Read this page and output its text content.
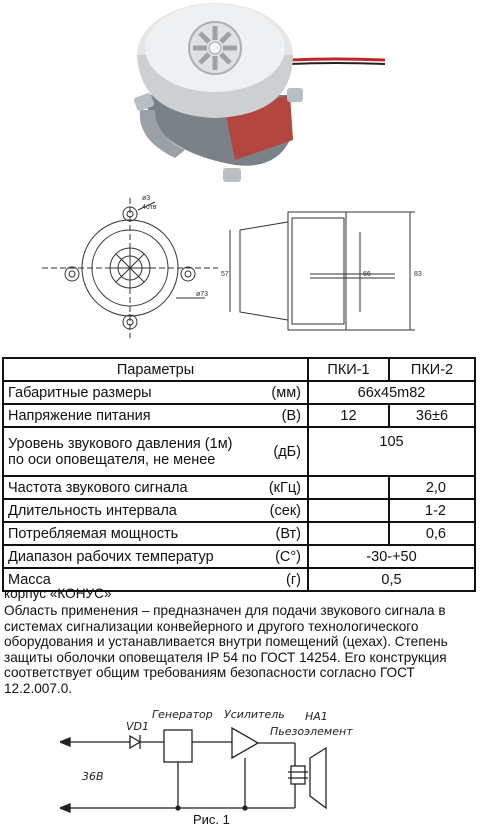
ø3
4отв
ø73
57	66	83
Параметры		ПКИ-1	ПКИ-2
Габаритные размеры	(мм)	66x45m82	
Напряжение питания	(В)	12	36±6
Уровень звукового давления (1м)
по оси оповещателя, не менее	(дБ)	105	
Частота звукового сигнала	(кГц)		2,0
Длительность интервала	(сек)		1-2
Потребляемая мощность	(Вт)		0,6
Диапазон рабочих температур	(С°)	-30-+50	
Масса	(г)	0,5	
корпус «КОНУС»
Область применения – предназначен для подачи звукового сигнала в системах сигнализации конвейерного и другого технологического оборудования и устанавливается внутри помещений (цехах). Степень защиты оболочки оповещателя IP 54 по ГОСТ 14254. Его конструкция соответствует общим требованиям безопасности согласно ГОСТ 12.2.007.0.
VD1
Генератор Усилитель HA1
Пьезоэлемент
36В
Рис. 1
